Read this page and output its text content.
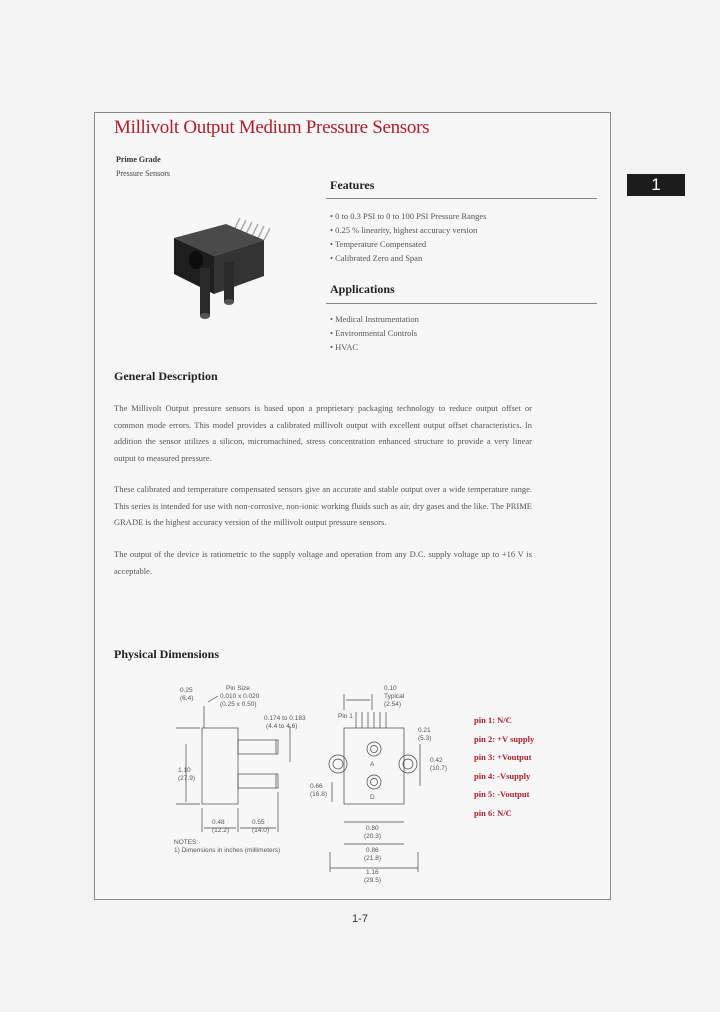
Millivolt Output Medium Pressure Sensors
Prime Grade
Pressure Sensors
1
Features
• 0 to 0.3 PSI to 0 to 100 PSI Pressure Ranges
• 0.25 % linearity, highest accuracy version
• Temperature Compensated
• Calibrated Zero and Span
Applications
• Medical Instrumentation
• Environmental Controls
• HVAC
General Description
The Millivolt Output pressure sensors is based upon a proprietary packaging technology to reduce output offset or common mode errors. This model provides a calibrated millivolt output with excellent output offset characteristics. In addition the sensor utilizes a silicon, micromachined, stress concentration enhanced structure to provide a very linear output to measured pressure.
These calibrated and temperature compensated sensors give an accurate and stable output over a wide temperature range. This series is intended for use with non-corrosive, non-ionic working fluids such as air, dry gases and the like. The PRIME GRADE is the highest accuracy version of the millivolt output pressure sensors.
The output of the device is ratiometric to the supply voltage and operation from any D.C. supply voltage up to +16 V is acceptable.
Physical Dimensions
0.25
(6.4)
Pin Size
0.010 x 0.020
(0.25 x 0.50)
0.174 to 0.183
(4.4 to 4.6)
1.10
(27.9)
0.48
(12.2)
0.55
(14.0)
NOTES:
1) Dimensions in inches (millimeters)
0.10
Typical
(2.54)
Pin 1
0.21
(5.3)
A
D
0.42
(10.7)
0.66
(16.8)
0.80
(20.3)
0.86
(21.8)
1.16
(29.5)
pin 1: N/C
pin 2: +V supply
pin 3: +Voutput
pin 4: -Vsupply
pin 5: -Voutput
pin 6: N/C
1-7
